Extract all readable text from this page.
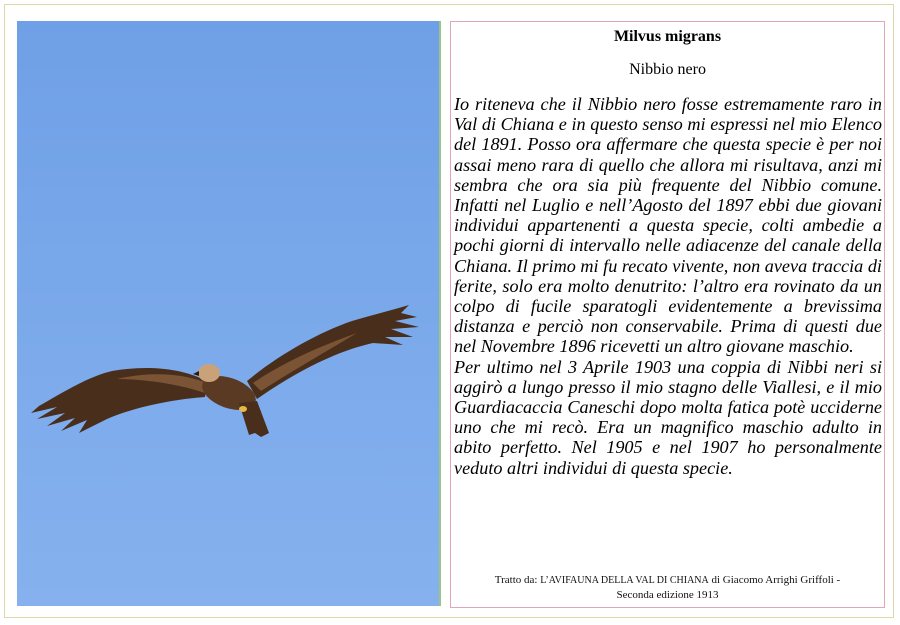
Milvus migrans
Nibbio nero

Io riteneva che il Nibbio nero fosse estremamente raro in Val di Chiana e in questo senso mi espressi nel mio Elenco del 1891. Posso ora affermare che questa specie è per noi assai meno rara di quello che allora mi risultava, anzi mi sembra che ora sia più frequente del Nibbio comune. Infatti nel Luglio e nell’Agosto del 1897 ebbi due giovani individui appartenenti a questa specie, colti ambedie a pochi giorni di intervallo nelle adiacenze del canale della Chiana. Il primo mi fu recato vivente, non aveva traccia di ferite, solo era molto denutrito: l’altro era rovinato da un colpo di fucile sparatogli evidentemente a brevissima distanza e perciò non conservabile. Prima di questi due nel Novembre 1896 ricevetti un altro giovane maschio.

Per ultimo nel 3 Aprile 1903 una coppia di Nibbi neri si aggirò a lungo presso il mio stagno delle Viallesi, e il mio Guardiacaccia Caneschi dopo molta fatica potè ucciderne uno che mi recò. Era un magnifico maschio adulto in abito perfetto. Nel 1905 e nel 1907 ho personalmente veduto altri individui di questa specie.

Tratto da: L’AVIFAUNA DELLA VAL DI CHIANA di Giacomo Arrighi Griffoli -
Seconda edizione 1913
